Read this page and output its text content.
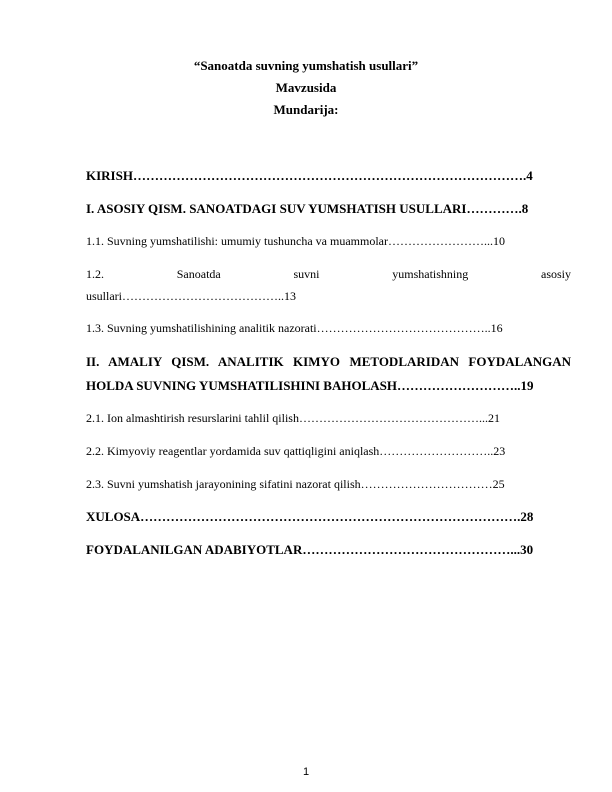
“Sanoatda suvning yumshatish usullari”
Mavzusida
Mundarija:
KIRISH……………………………………………………………………………….4
I. ASOSIY QISM. SANOATDAGI SUV YUMSHATISH USULLARI………….8
1.1. Suvning yumshatilishi: umumiy tushuncha va muammolar……………………...10
1.2. Sanoatda suvni yumshatishning asosiy
usullari…………………………………..13
1.3. Suvning yumshatilishining analitik nazorati……………………………………..16
II. AMALIY QISM. ANALITIK KIMYO METODLARIDAN FOYDALANGAN
HOLDA SUVNING YUMSHATILISHINI BAHOLASH………………………..19
2.1. Ion almashtirish resurslarini tahlil qilish………………………………………...21
2.2. Kimyoviy reagentlar yordamida suv qattiqligini aniqlash………………………..23
2.3. Suvni yumshatish jarayonining sifatini nazorat qilish……………………………25
XULOSA…………………………………………………………………………….28
FOYDALANILGAN ADABIYOTLAR…………………………………………...30
1
